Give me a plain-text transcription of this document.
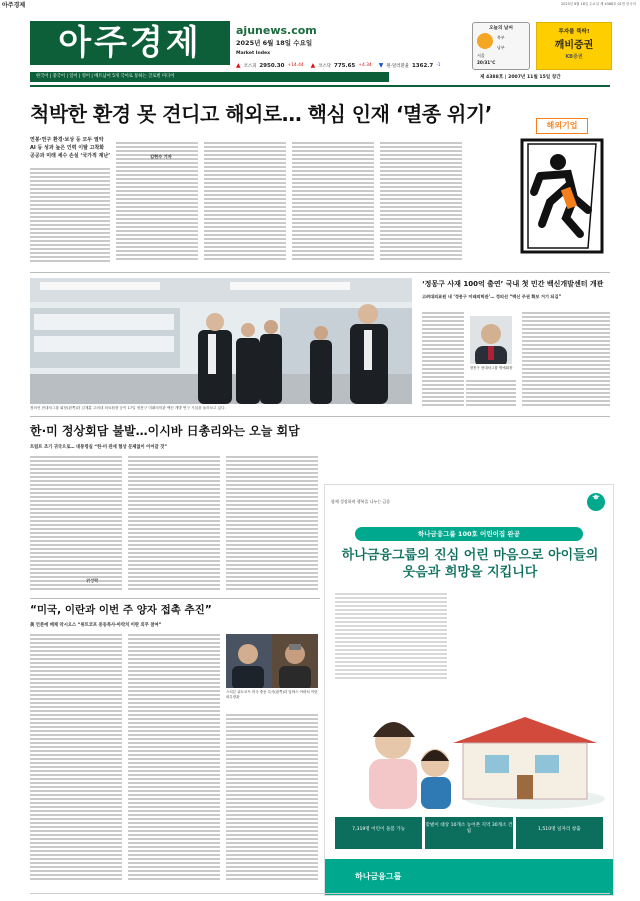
아주경제	2025년 6월 18일 수요일 제 4388호 01면 한국어
아주경제	ajunews.com
2025년 6월 18일 수요일
Market Index
▲ 코스피 2950.30 +14.44 ▲ 코스닥 775.65 +4.34 ▼ 원·달러환율 1362.7 -1
오늘의 날씨
북부
남부
서울
20/31°C
투자를 뚝딱!
깨비증권
KB증권
한국어 | 중국어 | 일어 | 영어 | 베트남어 5개 국어로 통하는 글로벌 미디어	제 4388호 | 2007년 11월 15일 창간
척박한 환경 못 견디고 해외로… 핵심 인재 ‘멸종 위기’
연봉·연구 환경·보상 등 모두 열악
AI 등 성과 높은 인력 이탈 고착화
공공과 미래 세수 손실 ‘국가적 재난’	김현수 기자
해외기업
정의선 현대차그룹 회장(왼쪽)과 김재훈 고려대 의료원장 등이 17일 정몽구 미래의학관 백신 개발 연구 시설을 둘러보고 있다.
‘정몽구 사재 100억 출연’ 국내 첫 민간 백신개발센터 개관
고려대의료원 내 ‘정몽구 미래의학관’… 정의선 “백신 주권 확보 거기 되길”
정몽구 현대차그룹 명예회장
한·미 정상회담 불발…이시바 日총리와는 오늘 회담
트럼프 조기 귀국으로… 대통령실 “한·미 관세 협상 문제없이 이어갈 것”
위성락
“미국, 이란과 이번 주 양자 접촉 추진”
美 언론에 매체 악시오스 “위트코프 중동특사·아락치 이란 외무 참여”
스티븐 위트코프 미국 중동 특사(왼쪽)과 압바스 아락치 이란 외무장관
함께 성장하며 행복을 나누는 금융	ᄒ
하나금융그룹 100호 어린이집 완공
하나금융그룹의 진심 어린 마음으로 아이들의 웃음과 희망을 지킵니다
7,319명 어린이 돌봄 가능
맞벌이 대상 10개소 농어촌 지역 30개소 건립	1,510명 일자리 창출
하나금융그룹
